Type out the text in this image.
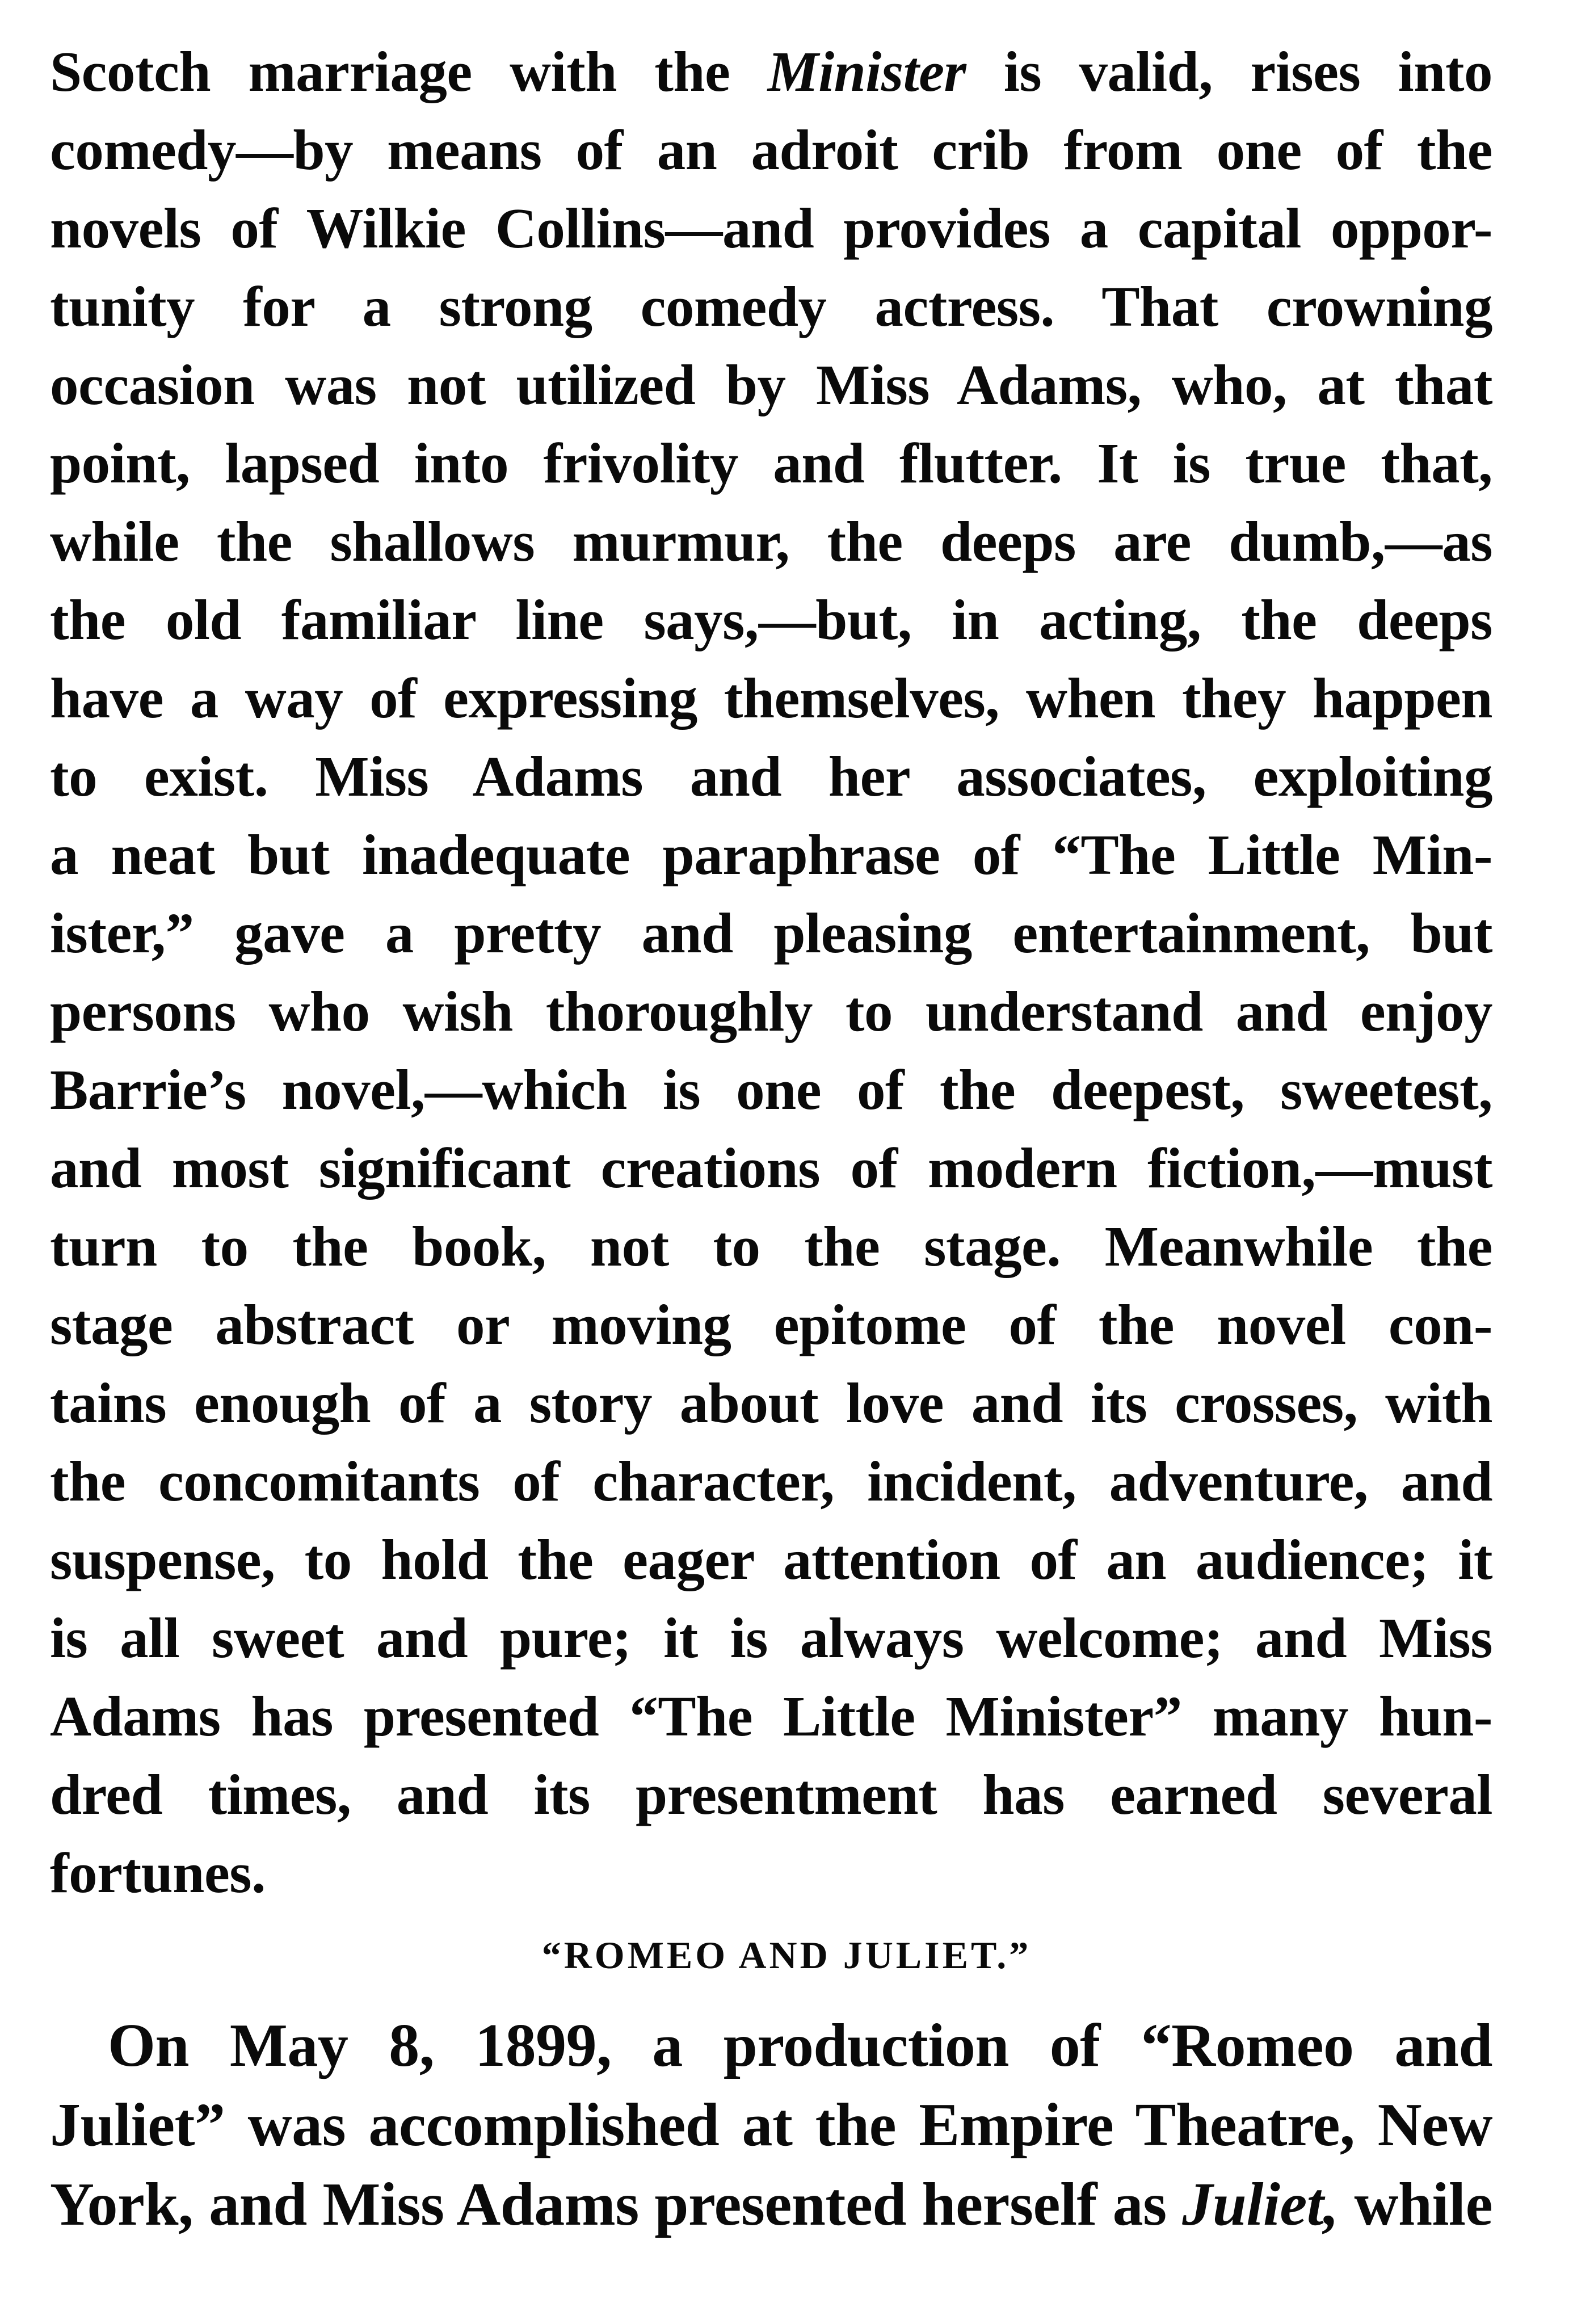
Scotch marriage with the Minister is valid, rises into
comedy—by means of an adroit crib from one of the
novels of Wilkie Collins—and provides a capital oppor-
tunity for a strong comedy actress. That crowning
occasion was not utilized by Miss Adams, who, at that
point, lapsed into frivolity and flutter. It is true that,
while the shallows murmur, the deeps are dumb,—as
the old familiar line says,—but, in acting, the deeps
have a way of expressing themselves, when they happen
to exist. Miss Adams and her associates, exploiting
a neat but inadequate paraphrase of “The Little Min-
ister,” gave a pretty and pleasing entertainment, but
persons who wish thoroughly to understand and enjoy
Barrie’s novel,—which is one of the deepest, sweetest,
and most significant creations of modern fiction,—must
turn to the book, not to the stage. Meanwhile the
stage abstract or moving epitome of the novel con-
tains enough of a story about love and its crosses, with
the concomitants of character, incident, adventure, and
suspense, to hold the eager attention of an audience; it
is all sweet and pure; it is always welcome; and Miss
Adams has presented “The Little Minister” many hun-
dred times, and its presentment has earned several
fortunes.
“ROMEO AND JULIET.”
On May 8, 1899, a production of “Romeo and
Juliet” was accomplished at the Empire Theatre, New
York, and Miss Adams presented herself as Juliet, while
